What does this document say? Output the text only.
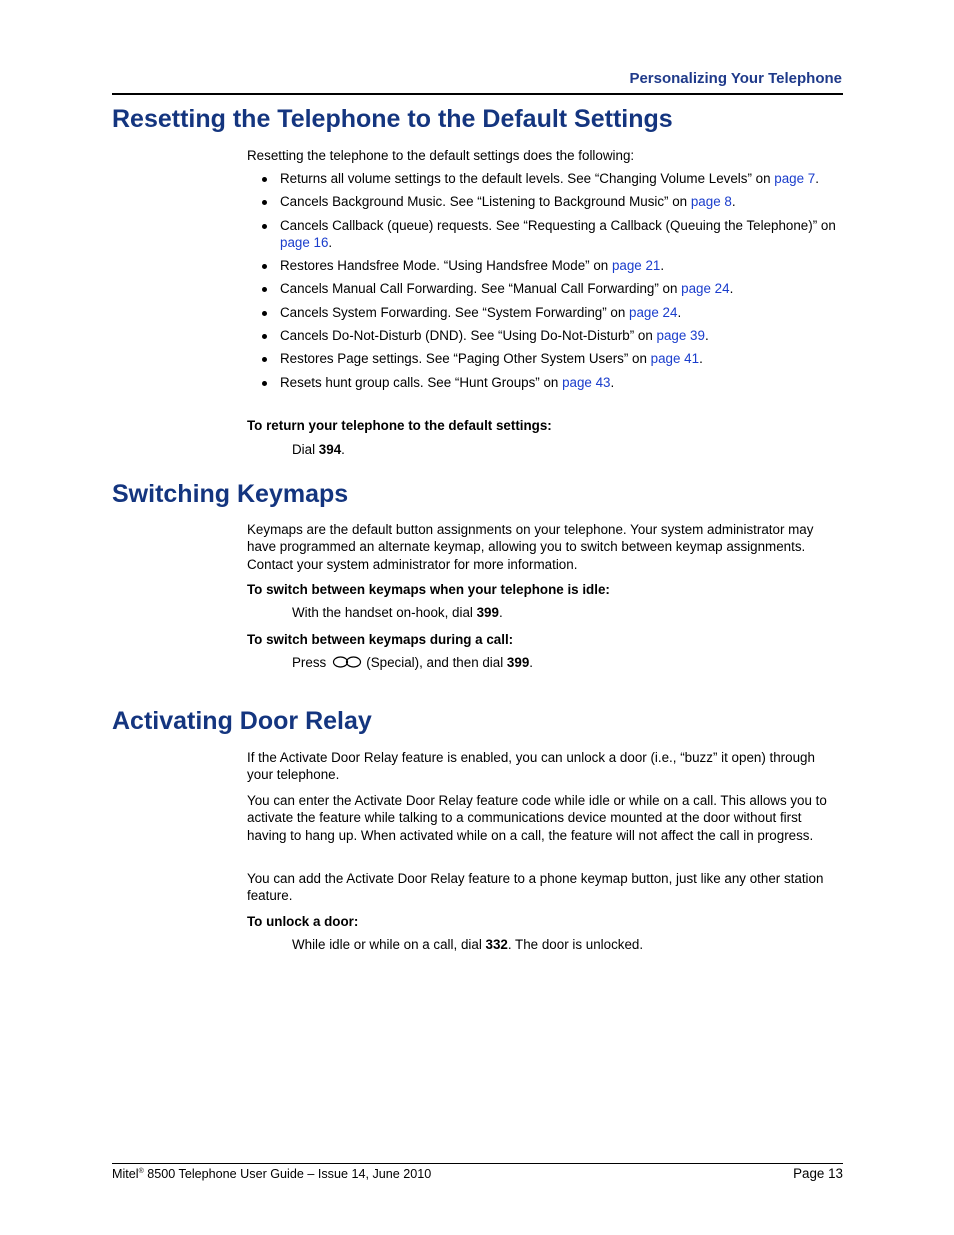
Personalizing Your Telephone
Resetting the Telephone to the Default Settings

Resetting the telephone to the default settings does the following:

Returns all volume settings to the default levels. See “Changing Volume Levels” on page 7.
Cancels Background Music. See “Listening to Background Music” on page 8.
Cancels Callback (queue) requests. See “Requesting a Callback (Queuing the Telephone)” on page 16.
Restores Handsfree Mode. “Using Handsfree Mode” on page 21.
Cancels Manual Call Forwarding. See “Manual Call Forwarding” on page 24.
Cancels System Forwarding. See “System Forwarding” on page 24.
Cancels Do-Not-Disturb (DND). See “Using Do-Not-Disturb” on page 39.
Restores Page settings. See “Paging Other System Users” on page 41.
Resets hunt group calls. See “Hunt Groups” on page 43.

To return your telephone to the default settings:

Dial 394.

Switching Keymaps

Keymaps are the default button assignments on your telephone. Your system administrator may have programmed an alternate keymap, allowing you to switch between keymap assignments. Contact your system administrator for more information.

To switch between keymaps when your telephone is idle:

With the handset on-hook, dial 399.

To switch between keymaps during a call:

Press	(Special), and then dial 399.

Activating Door Relay

If the Activate Door Relay feature is enabled, you can unlock a door (i.e., “buzz” it open) through your telephone.

You can enter the Activate Door Relay feature code while idle or while on a call. This allows you to activate the feature while talking to a communications device mounted at the door without first having to hang up. When activated while on a call, the feature will not affect the call in progress.

You can add the Activate Door Relay feature to a phone keymap button, just like any other station feature.

To unlock a door:

While idle or while on a call, dial 332. The door is unlocked.

Mitel® 8500 Telephone User Guide – Issue 14, June 2010	Page 13
